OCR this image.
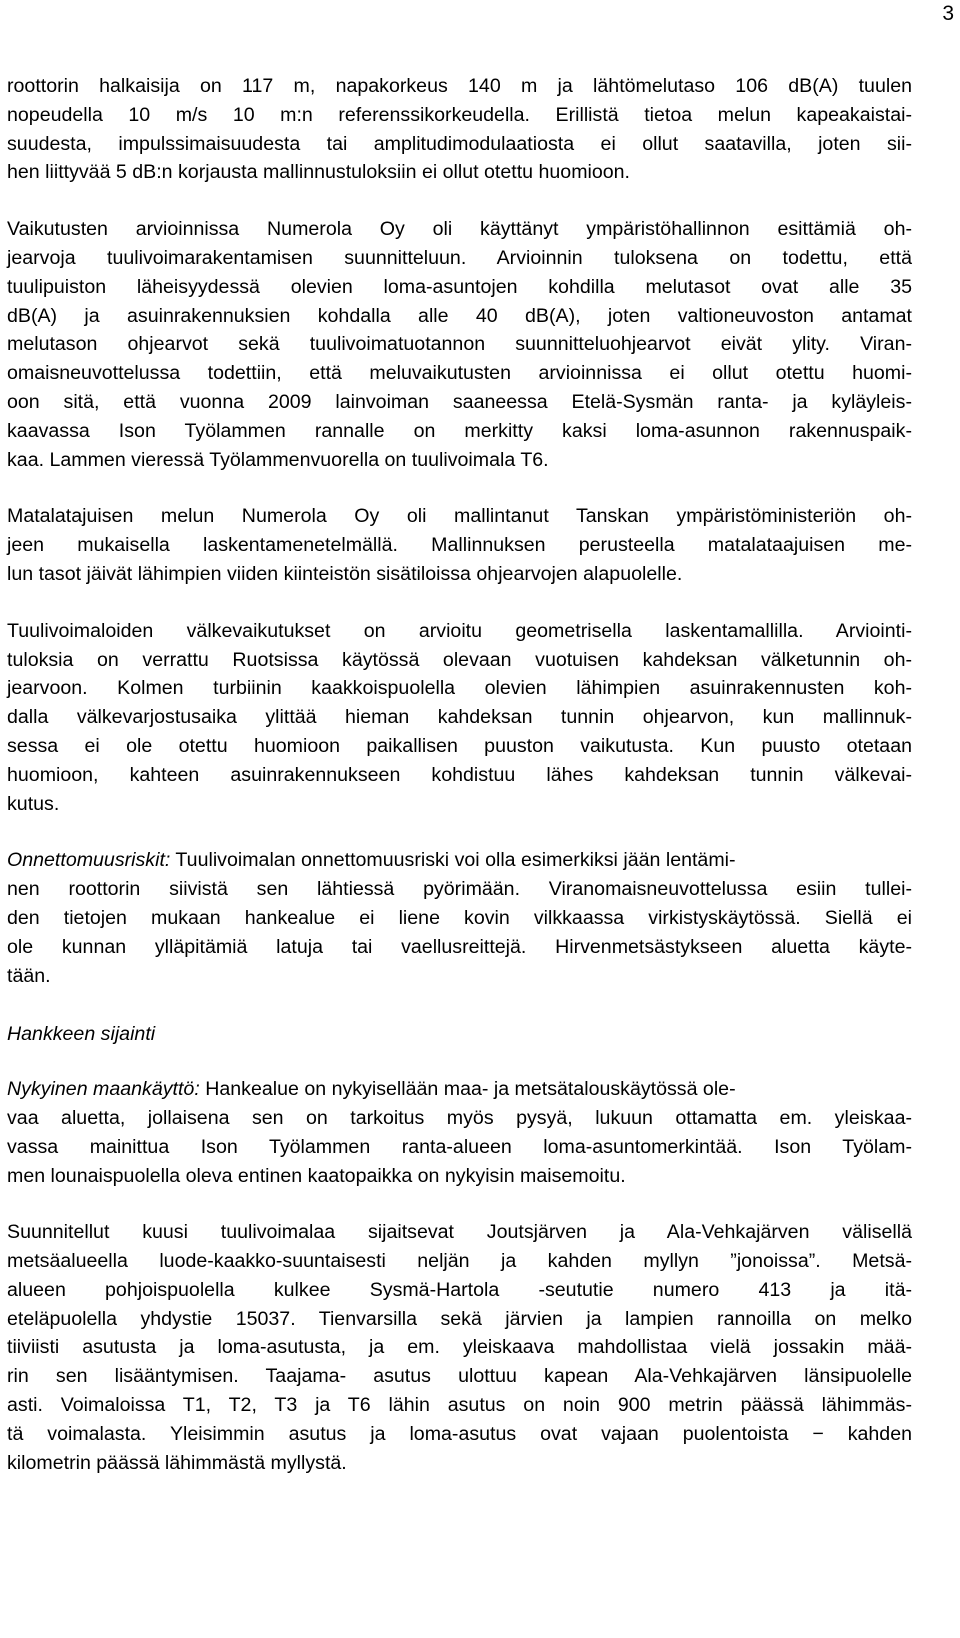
3

roottorin halkaisija on 117 m, napakorkeus 140 m ja lähtömelutaso 106 dB(A) tuulen
nopeudella 10 m/s 10 m:n referenssikorkeudella. Erillistä tietoa melun kapeakaistai-
suudesta, impulssimaisuudesta tai amplitudimodulaatiosta ei ollut saatavilla, joten sii-
hen liittyvää 5 dB:n korjausta mallinnustuloksiin ei ollut otettu huomioon.

Vaikutusten arvioinnissa Numerola Oy oli käyttänyt ympäristöhallinnon esittämiä oh-
jearvoja tuulivoimarakentamisen suunnitteluun. Arvioinnin tuloksena on todettu, että
tuulipuiston läheisyydessä olevien loma-asuntojen kohdilla melutasot ovat alle 35
dB(A) ja asuinrakennuksien kohdalla alle 40 dB(A), joten valtioneuvoston antamat
melutason ohjearvot sekä tuulivoimatuotannon suunnitteluohjearvot eivät ylity. Viran-
omaisneuvottelussa todettiin, että meluvaikutusten arvioinnissa ei ollut otettu huomi-
oon sitä, että vuonna 2009 lainvoiman saaneessa Etelä-Sysmän ranta- ja kyläyleis-
kaavassa Ison Työlammen rannalle on merkitty kaksi loma-asunnon rakennuspaik-
kaa. Lammen vieressä Työlammenvuorella on tuulivoimala T6.

Matalatajuisen melun Numerola Oy oli mallintanut Tanskan ympäristöministeriön oh-
jeen mukaisella laskentamenetelmällä. Mallinnuksen perusteella matalataajuisen me-
lun tasot jäivät lähimpien viiden kiinteistön sisätiloissa ohjearvojen alapuolelle.

Tuulivoimaloiden välkevaikutukset on arvioitu geometrisella laskentamallilla. Arviointi-
tuloksia on verrattu Ruotsissa käytössä olevaan vuotuisen kahdeksan välketunnin oh-
jearvoon. Kolmen turbiinin kaakkoispuolella olevien lähimpien asuinrakennusten koh-
dalla välkevarjostusaika ylittää hieman kahdeksan tunnin ohjearvon, kun mallinnuk-
sessa ei ole otettu huomioon paikallisen puuston vaikutusta. Kun puusto otetaan
huomioon, kahteen asuinrakennukseen kohdistuu lähes kahdeksan tunnin välkevai-
kutus.

Onnettomuusriskit: Tuulivoimalan onnettomuusriski voi olla esimerkiksi jään lentämi-
nen roottorin siivistä sen lähtiessä pyörimään. Viranomaisneuvottelussa esiin tullei-
den tietojen mukaan hankealue ei liene kovin vilkkaassa virkistyskäytössä. Siellä ei
ole kunnan ylläpitämiä latuja tai vaellusreittejä. Hirvenmetsästykseen aluetta käyte-
tään.

Hankkeen sijainti

Nykyinen maankäyttö: Hankealue on nykyisellään maa- ja metsätalouskäytössä ole-
vaa aluetta, jollaisena sen on tarkoitus myös pysyä, lukuun ottamatta em. yleiskaa-
vassa mainittua Ison Työlammen ranta-alueen loma-asuntomerkintää. Ison Työlam-
men lounaispuolella oleva entinen kaatopaikka on nykyisin maisemoitu.

Suunnitellut kuusi tuulivoimalaa sijaitsevat Joutsjärven ja Ala-Vehkajärven välisellä
metsäalueella luode-kaakko-suuntaisesti neljän ja kahden myllyn ”jonoissa”. Metsä-
alueen pohjoispuolella kulkee Sysmä-Hartola -seututie numero 413 ja itä-
eteläpuolella yhdystie 15037. Tienvarsilla sekä järvien ja lampien rannoilla on melko
tiiviisti asutusta ja loma-asutusta, ja em. yleiskaava mahdollistaa vielä jossakin mää-
rin sen lisääntymisen. Taajama- asutus ulottuu kapean Ala-Vehkajärven länsipuolelle
asti. Voimaloissa T1, T2, T3 ja T6 lähin asutus on noin 900 metrin päässä lähimmäs-
tä voimalasta. Yleisimmin asutus ja loma-asutus ovat vajaan puolentoista − kahden
kilometrin päässä lähimmästä myllystä.
